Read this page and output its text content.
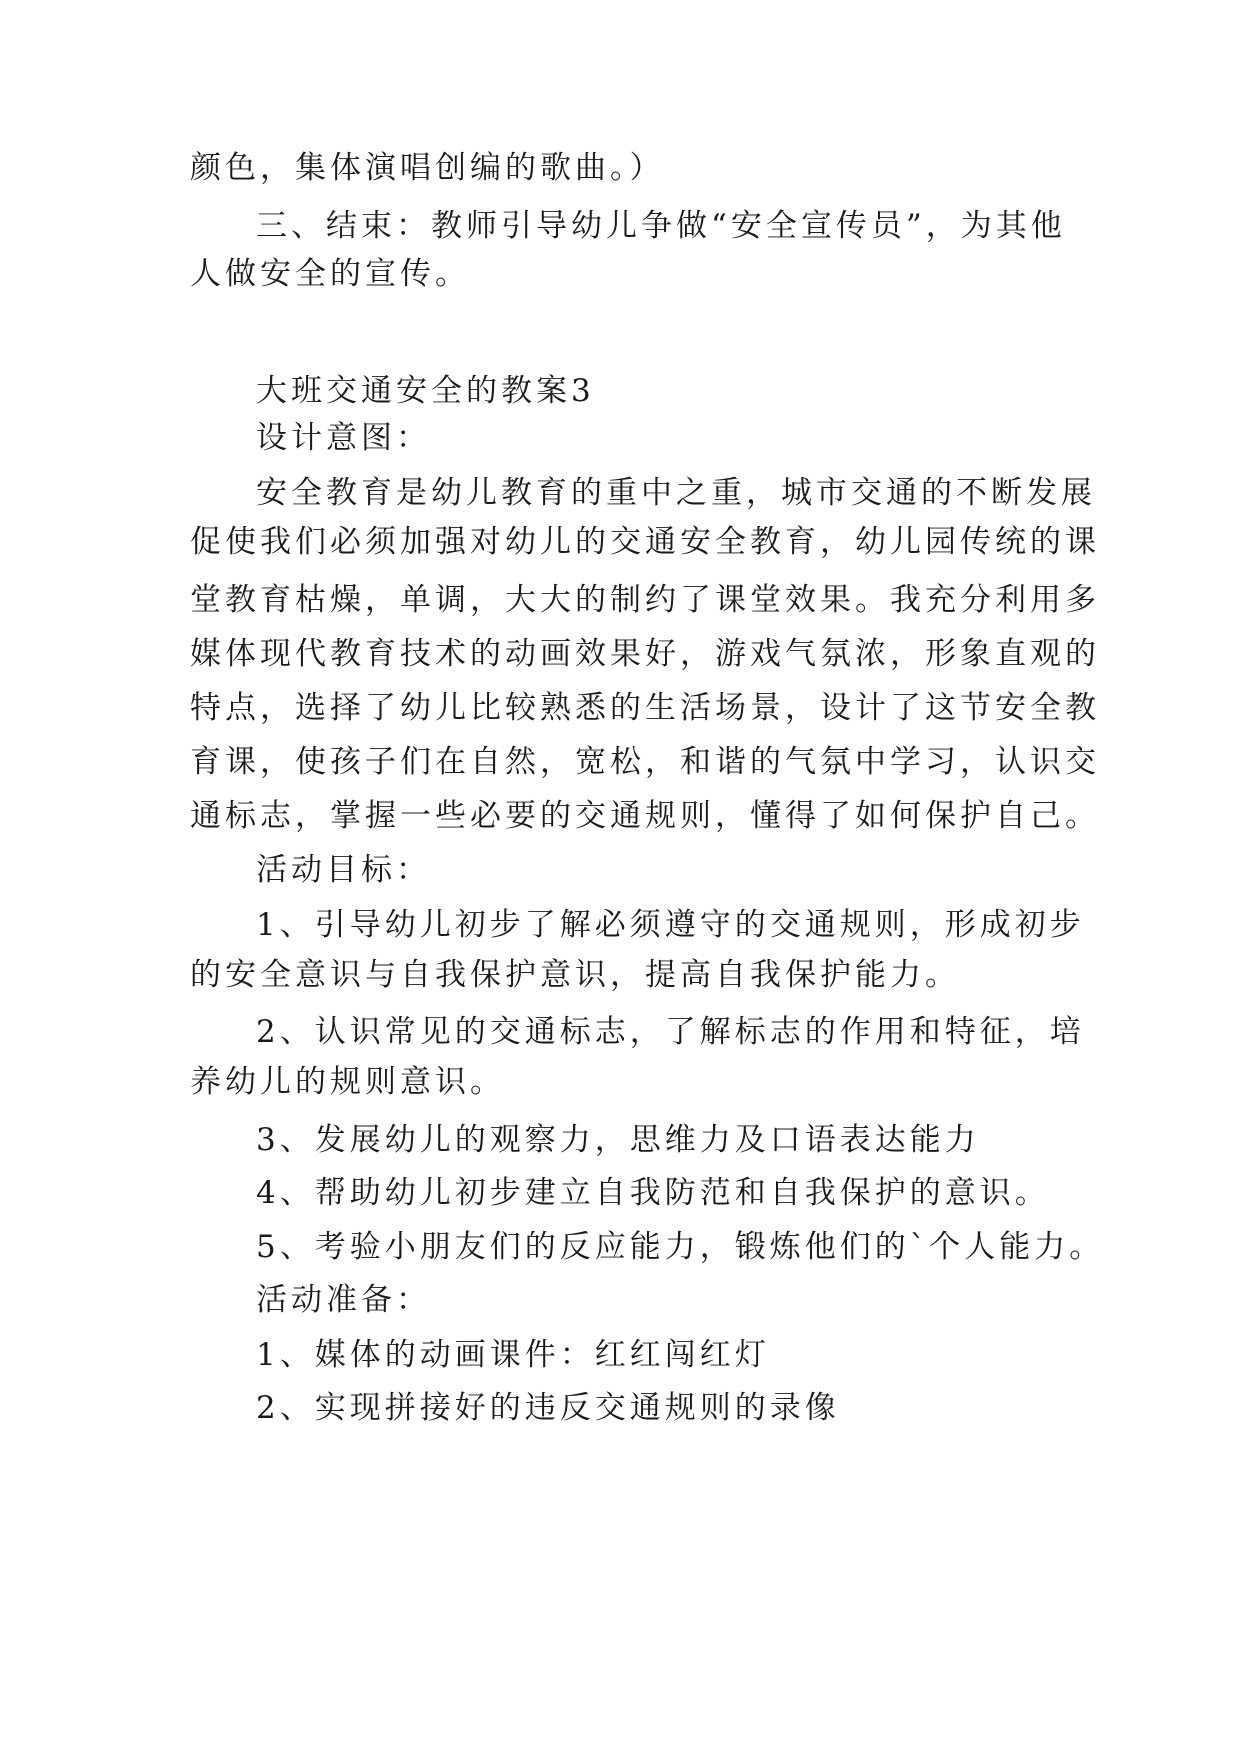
颜色，集体演唱创编的歌曲。）
三、结束：教师引导幼儿争做“安全宣传员”，为其他
人做安全的宣传。
大班交通安全的教案3
设计意图：
安全教育是幼儿教育的重中之重，城市交通的不断发展
促使我们必须加强对幼儿的交通安全教育，幼儿园传统的课
堂教育枯燥，单调，大大的制约了课堂效果。我充分利用多
媒体现代教育技术的动画效果好，游戏气氛浓，形象直观的
特点，选择了幼儿比较熟悉的生活场景，设计了这节安全教
育课，使孩子们在自然，宽松，和谐的气氛中学习，认识交
通标志，掌握一些必要的交通规则，懂得了如何保护自己。
活动目标：
1、引导幼儿初步了解必须遵守的交通规则，形成初步
的安全意识与自我保护意识，提高自我保护能力。
2、认识常见的交通标志，了解标志的作用和特征，培
养幼儿的规则意识。
3、发展幼儿的观察力，思维力及口语表达能力
4、帮助幼儿初步建立自我防范和自我保护的意识。
5、考验小朋友们的反应能力，锻炼他们的`个人能力。
活动准备：
1、媒体的动画课件：红红闯红灯
2、实现拼接好的违反交通规则的录像
